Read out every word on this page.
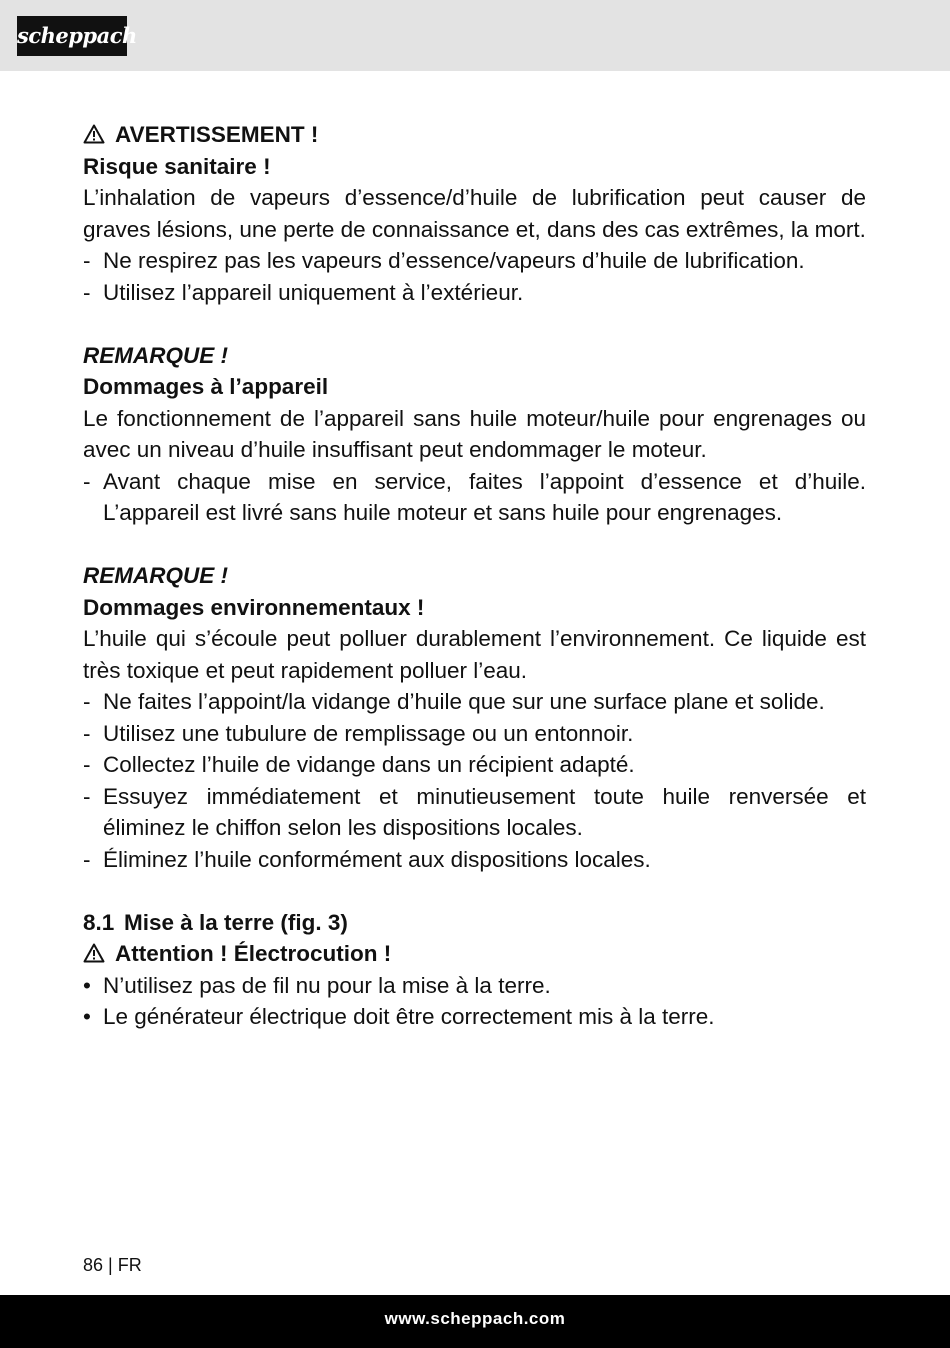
scheppach

AVERTISSEMENT !

Risque sanitaire !

L’inhalation de vapeurs d’essence/d’huile de lubrification peut causer de graves lésions, une perte de connaissance et, dans des cas extrêmes, la mort.

- Ne respirez pas les vapeurs d’essence/vapeurs d’huile de lubrification.
- Utilisez l’appareil uniquement à l’extérieur.

REMARQUE !

Dommages à l’appareil

Le fonctionnement de l’appareil sans huile moteur/huile pour engrenages ou avec un niveau d’huile insuffisant peut endommager le moteur.

- Avant chaque mise en service, faites l’appoint d’essence et d’huile. L’appareil est livré sans huile moteur et sans huile pour engrenages.

REMARQUE !

Dommages environnementaux !

L’huile qui s’écoule peut polluer durablement l’environnement. Ce liquide est très toxique et peut rapidement polluer l’eau.

- Ne faites l’appoint/la vidange d’huile que sur une surface plane et solide.
- Utilisez une tubulure de remplissage ou un entonnoir.
- Collectez l’huile de vidange dans un récipient adapté.
- Essuyez immédiatement et minutieusement toute huile renversée et éliminez le chiffon selon les dispositions locales.
- Éliminez l’huile conformément aux dispositions locales.

8.1 Mise à la terre (fig. 3)

Attention ! Électrocution !

• N’utilisez pas de fil nu pour la mise à la terre.
• Le générateur électrique doit être correctement mis à la terre.
86 | FR
www.scheppach.com
